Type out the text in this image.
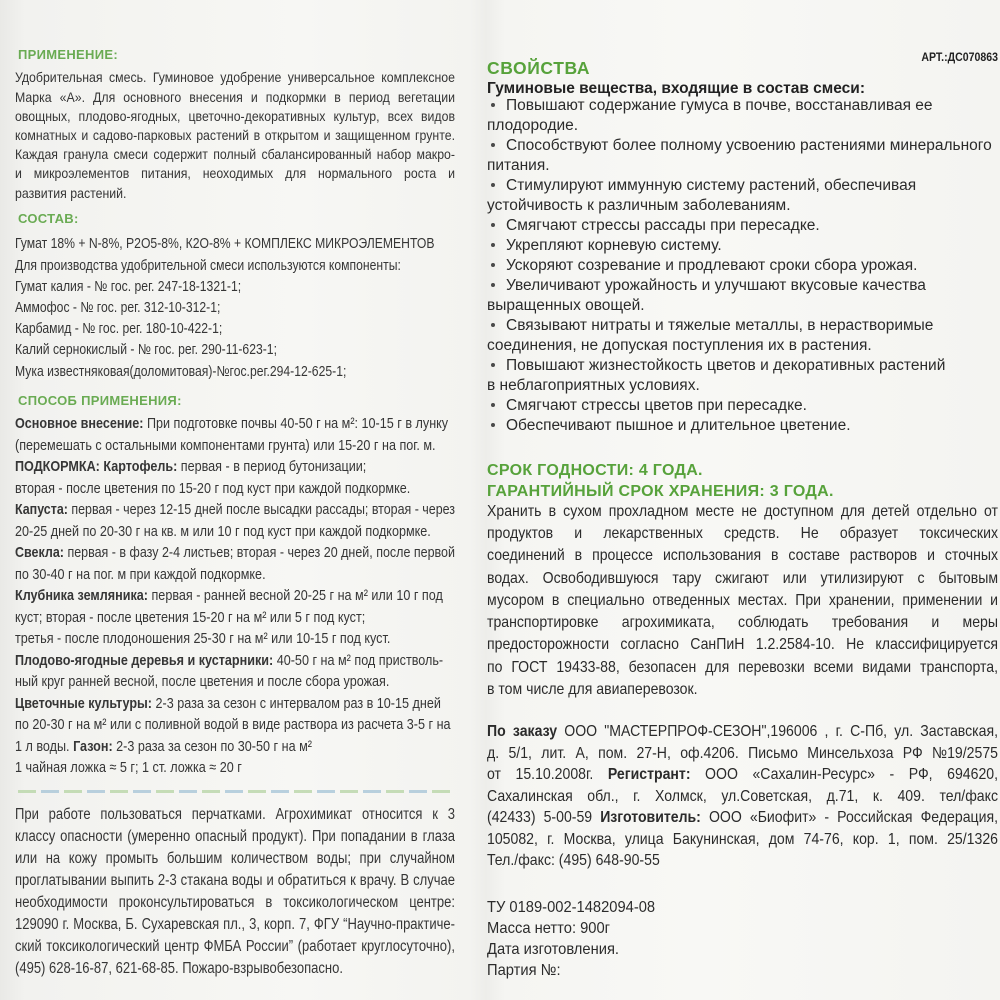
ПРИМЕНЕНИЕ:
Удобрительная смесь. Гуминовое удобрение универсальное комплексное
Марка «А». Для основного внесения и подкормки в период вегетации
овощных, плодово-ягодных, цветочно-декоративных культур, всех видов
комнатных и садово-парковых растений в открытом и защищенном грунте.
Каждая гранула смеси содержит полный сбалансированный набор макро-
и микроэлементов питания, неоходимых для нормального роста и
развития растений.
СОСТАВ:
Гумат 18% + N-8%, Р2О5-8%, К2О-8% + КОМПЛЕКС МИКРОЭЛЕМЕНТОВ
Для производства удобрительной смеси используются компоненты:
Гумат калия - № гос. рег. 247-18-1321-1;
Аммофос - № гос. рег. 312-10-312-1;
Карбамид - № гос. рег. 180-10-422-1;
Калий сернокислый - № гос. рег. 290-11-623-1;
Мука известняковая(доломитовая)-№гос.рег.294-12-625-1;
СПОСОБ ПРИМЕНЕНИЯ:
Основное внесение: При подготовке почвы 40-50 г на м²: 10-15 г в лунку
(перемешать с остальными компонентами грунта) или 15-20 г на пог. м.
ПОДКОРМКА: Картофель: первая - в период бутонизации;
вторая - после цветения по 15-20 г под куст при каждой подкормке.
Капуста: первая - через 12-15 дней после высадки рассады; вторая - через
20-25 дней по 20-30 г на кв. м или 10 г под куст при каждой подкормке.
Свекла: первая - в фазу 2-4 листьев; вторая - через 20 дней, после первой
по 30-40 г на пог. м при каждой подкормке.
Клубника земляника: первая - ранней весной 20-25 г на м² или 10 г под
куст; вторая - после цветения 15-20 г на м² или 5 г под куст;
третья - после плодоношения 25-30 г на м² или 10-15 г под куст.
Плодово-ягодные деревья и кустарники: 40-50 г на м² под пристволь-
ный круг ранней весной, после цветения и после сбора урожая.
Цветочные культуры: 2-3 раза за сезон с интервалом раз в 10-15 дней
по 20-30 г на м² или с поливной водой в виде раствора из расчета 3-5 г на
1 л воды. Газон: 2-3 раза за сезон по 30-50 г на м²
1 чайная ложка ≈ 5 г; 1 ст. ложка ≈ 20 г
При работе пользоваться перчатками. Агрохимикат относится к 3
классу опасности (умеренно опасный продукт). При попадании в глаза
или на кожу промыть большим количеством воды; при случайном
проглатывании выпить 2-3 стакана воды и обратиться к врачу. В случае
необходимости проконсультироваться в токсикологическом центре:
129090 г. Москва, Б. Сухаревская пл., 3, корп. 7, ФГУ “Научно-практиче-
ский токсикологический центр ФМБА России” (работает круглосуточно),
(495) 628-16-87, 621-68-85. Пожаро-взрывобезопасно.
АРТ.:ДС070863
СВОЙСТВА
Гуминовые вещества, входящие в состав смеси:
Повышают содержание гумуса в почве, восстанавливая ее
плодородие.
Способствуют более полному усвоению растениями минерального
питания.
Стимулируют иммунную систему растений, обеспечивая
устойчивость к различным заболеваниям.
Смягчают стрессы рассады при пересадке.
Укрепляют корневую систему.
Ускоряют созревание и продлевают сроки сбора урожая.
Увеличивают урожайность и улучшают вкусовые качества
выращенных овощей.
Связывают нитраты и тяжелые металлы, в нерастворимые
соединения, не допуская поступления их в растения.
Повышают жизнестойкость цветов и декоративных растений
в неблагоприятных условиях.
Смягчают стрессы цветов при пересадке.
Обеспечивают пышное и длительное цветение.
СРОК ГОДНОСТИ: 4 ГОДА.
ГАРАНТИЙНЫЙ СРОК ХРАНЕНИЯ: 3 ГОДА.
Хранить в сухом прохладном месте не доступном для детей отдельно от
продуктов и лекарственных средств. Не образует токсических
соединений в процессе использования в составе растворов и сточных
водах. Освободившуюся тару сжигают или утилизируют с бытовым
мусором в специально отведенных местах. При хранении, применении и
транспортировке агрохимиката, соблюдать требования и меры
предосторожности согласно СанПиН 1.2.2584-10. Не классифицируется
по ГОСТ 19433-88, безопасен для перевозки всеми видами транспорта,
в том числе для авиаперевозок.
По заказу ООО "МАСТЕРПРОФ-СЕЗОН",196006 , г. С-Пб, ул. Заставская,
д. 5/1, лит. А, пом. 27-Н, оф.4206. Письмо Минсельхоза РФ №19/2575
от 15.10.2008г. Регистрант: ООО «Сахалин-Ресурс» - РФ, 694620,
Сахалинская обл., г. Холмск, ул.Советская, д.71, к. 409. тел/факс
(42433) 5-00-59 Изготовитель: ООО «Биофит» - Российская Федерация,
105082, г. Москва, улица Бакунинская, дом 74-76, кор. 1, пом. 25/1326
Тел./факс: (495) 648-90-55
ТУ 0189-002-1482094-08
Масса нетто: 900г
Дата изготовления.
Партия №:
